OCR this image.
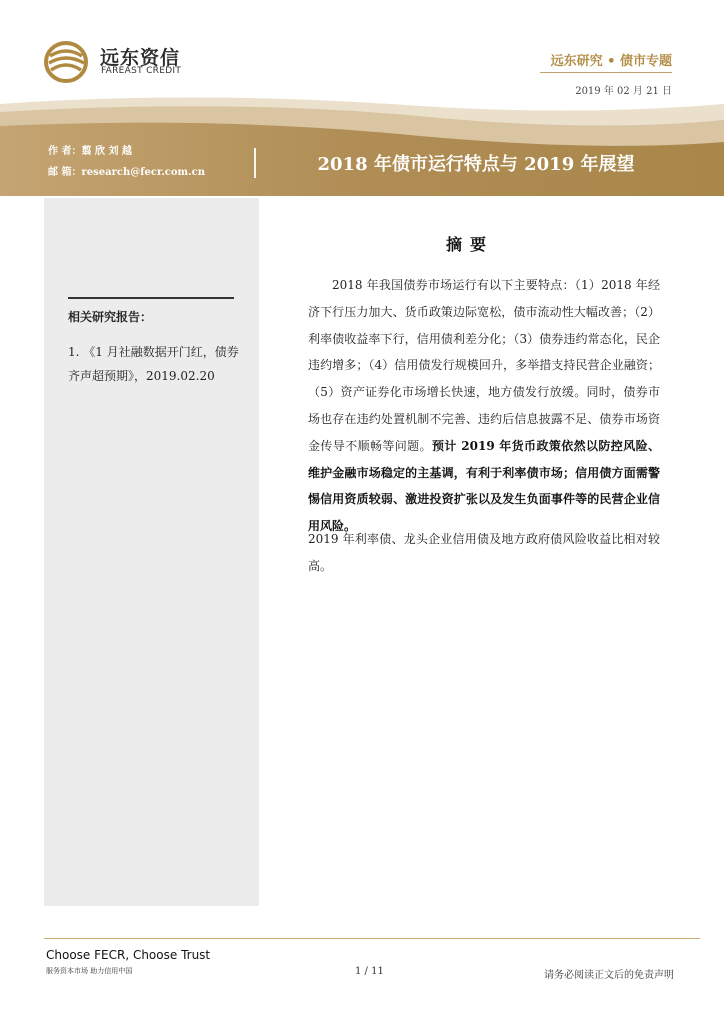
远东资信
FAREAST CREDIT
远东研究 • 债市专题
2019 年 02 月 21 日
作 者：翦 欣 刘 越
邮 箱：research@fecr.com.cn	2018 年债市运行特点与 2019 年展望
相关研究报告：
1. 《1 月社融数据开门红，债券齐声超预期》，2019.02.20
摘要
2018 年我国债券市场运行有以下主要特点：（1）2018 年经济下行压力加大、货币政策边际宽松，债市流动性大幅改善；（2）利率债收益率下行，信用债利差分化；（3）债券违约常态化，民企违约增多；（4）信用债发行规模回升，多举措支持民营企业融资；（5）资产证券化市场增长快速，地方债发行放缓。同时，债券市场也存在违约处置机制不完善、违约后信息披露不足、债券市场资金传导不顺畅等问题。预计 2019 年货币政策依然以防控风险、维护金融市场稳定的主基调，有利于利率债市场；信用债方面需警惕信用资质较弱、激进投资扩张以及发生负面事件等的民营企业信用风险。
2019 年利率债、龙头企业信用债及地方政府债风险收益比相对较高。
Choose FECR, Choose Trust
服务资本市场 助力信用中国	1 / 11	请务必阅读正文后的免责声明
